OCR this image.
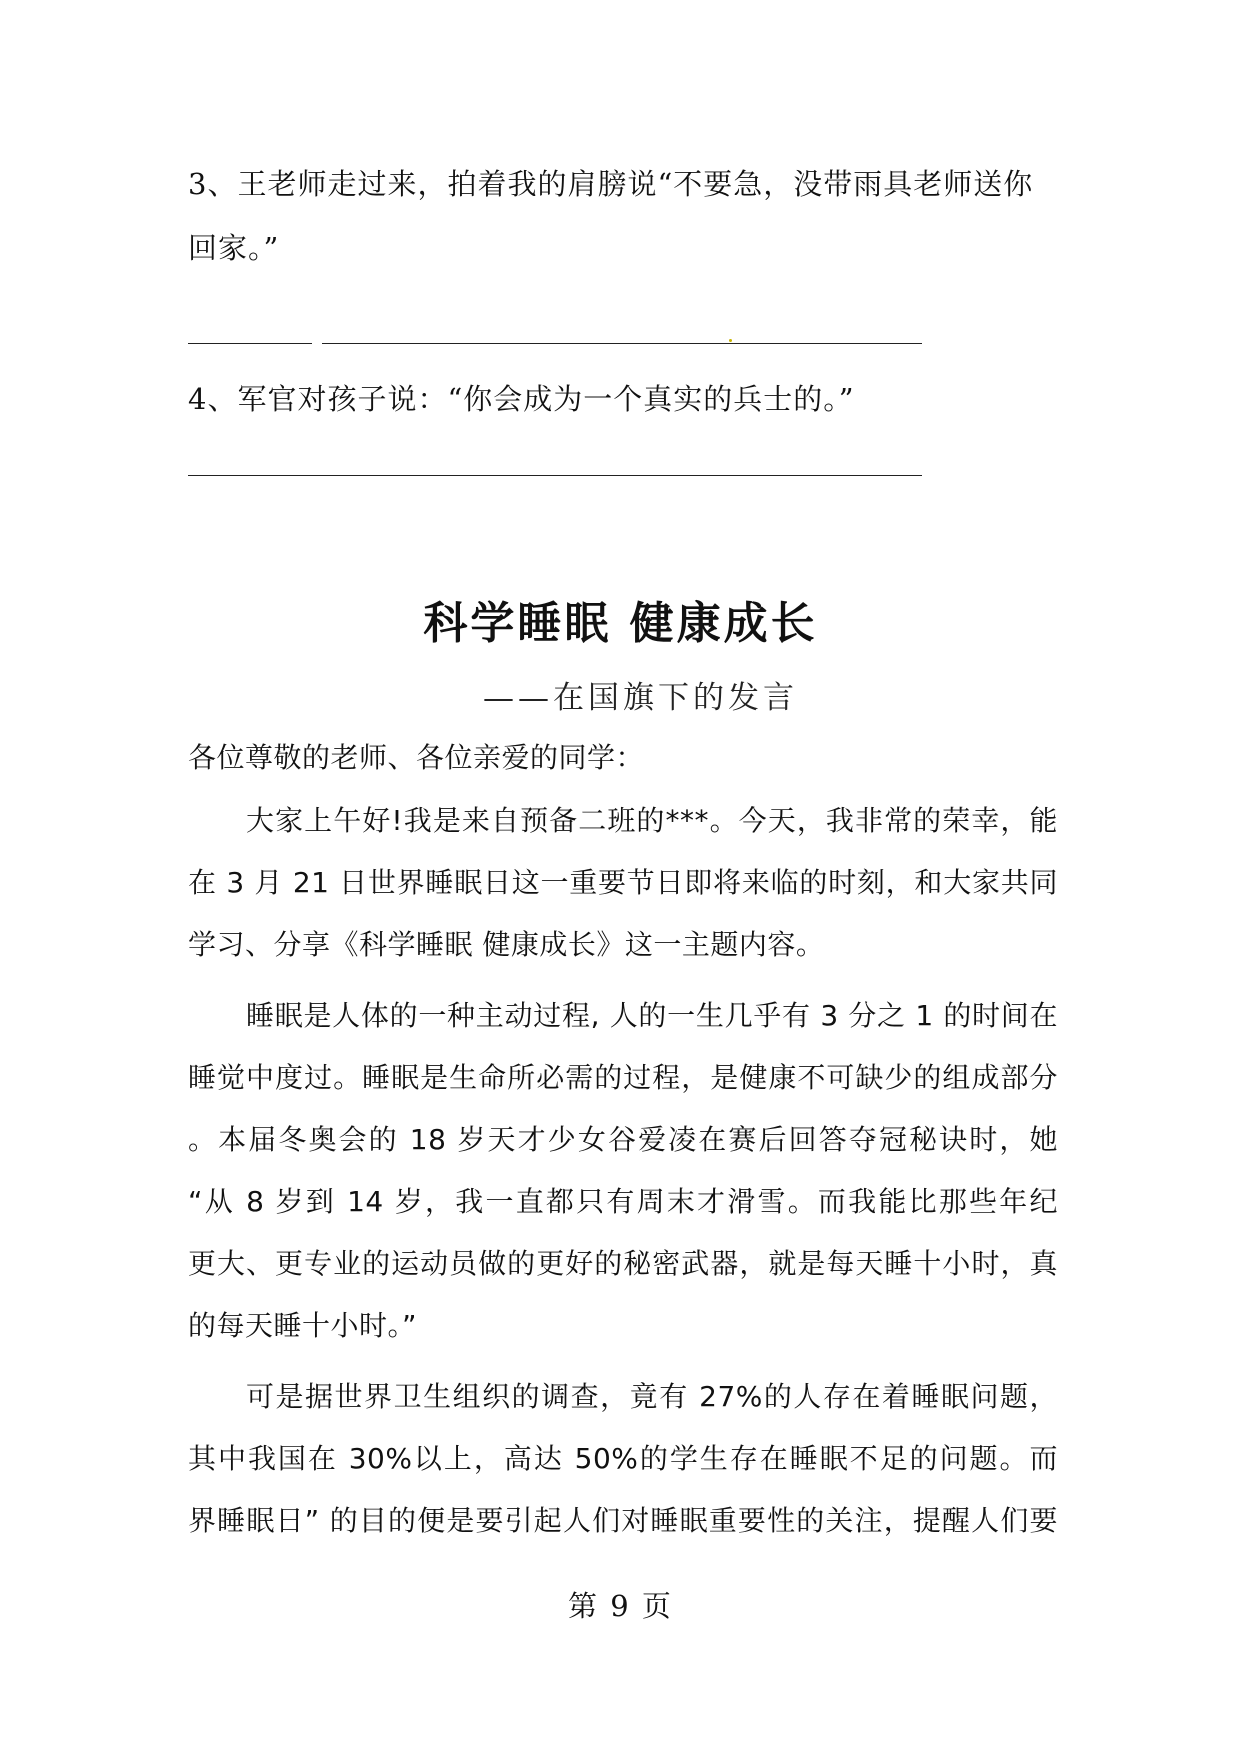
3、王老师走过来，拍着我的肩膀说“不要急，没带雨具老师送你
回家。”
4、军官对孩子说：“你会成为一个真实的兵士的。”
科学睡眠 健康成长
——在国旗下的发言
各位尊敬的老师、各位亲爱的同学：
大家上午好!我是来自预备二班的***。今天，我非常的荣幸，能
在 3 月 21 日世界睡眠日这一重要节日即将来临的时刻，和大家共同
学习、分享《科学睡眠 健康成长》这一主题内容。
睡眠是人体的一种主动过程, 人的一生几乎有 3 分之 1 的时间在
睡觉中度过。睡眠是生命所必需的过程，是健康不可缺少的组成部分
。本届冬奥会的 18 岁天才少女谷爱凌在赛后回答夺冠秘诀时，她
“从 8 岁到 14 岁，我一直都只有周末才滑雪。而我能比那些年纪
更大、更专业的运动员做的更好的秘密武器，就是每天睡十小时，真
的每天睡十小时。”
可是据世界卫生组织的调查，竟有 27%的人存在着睡眠问题，
其中我国在 30%以上，高达 50%的学生存在睡眠不足的问题。而
界睡眠日” 的目的便是要引起人们对睡眠重要性的关注，提醒人们要
第 9 页
